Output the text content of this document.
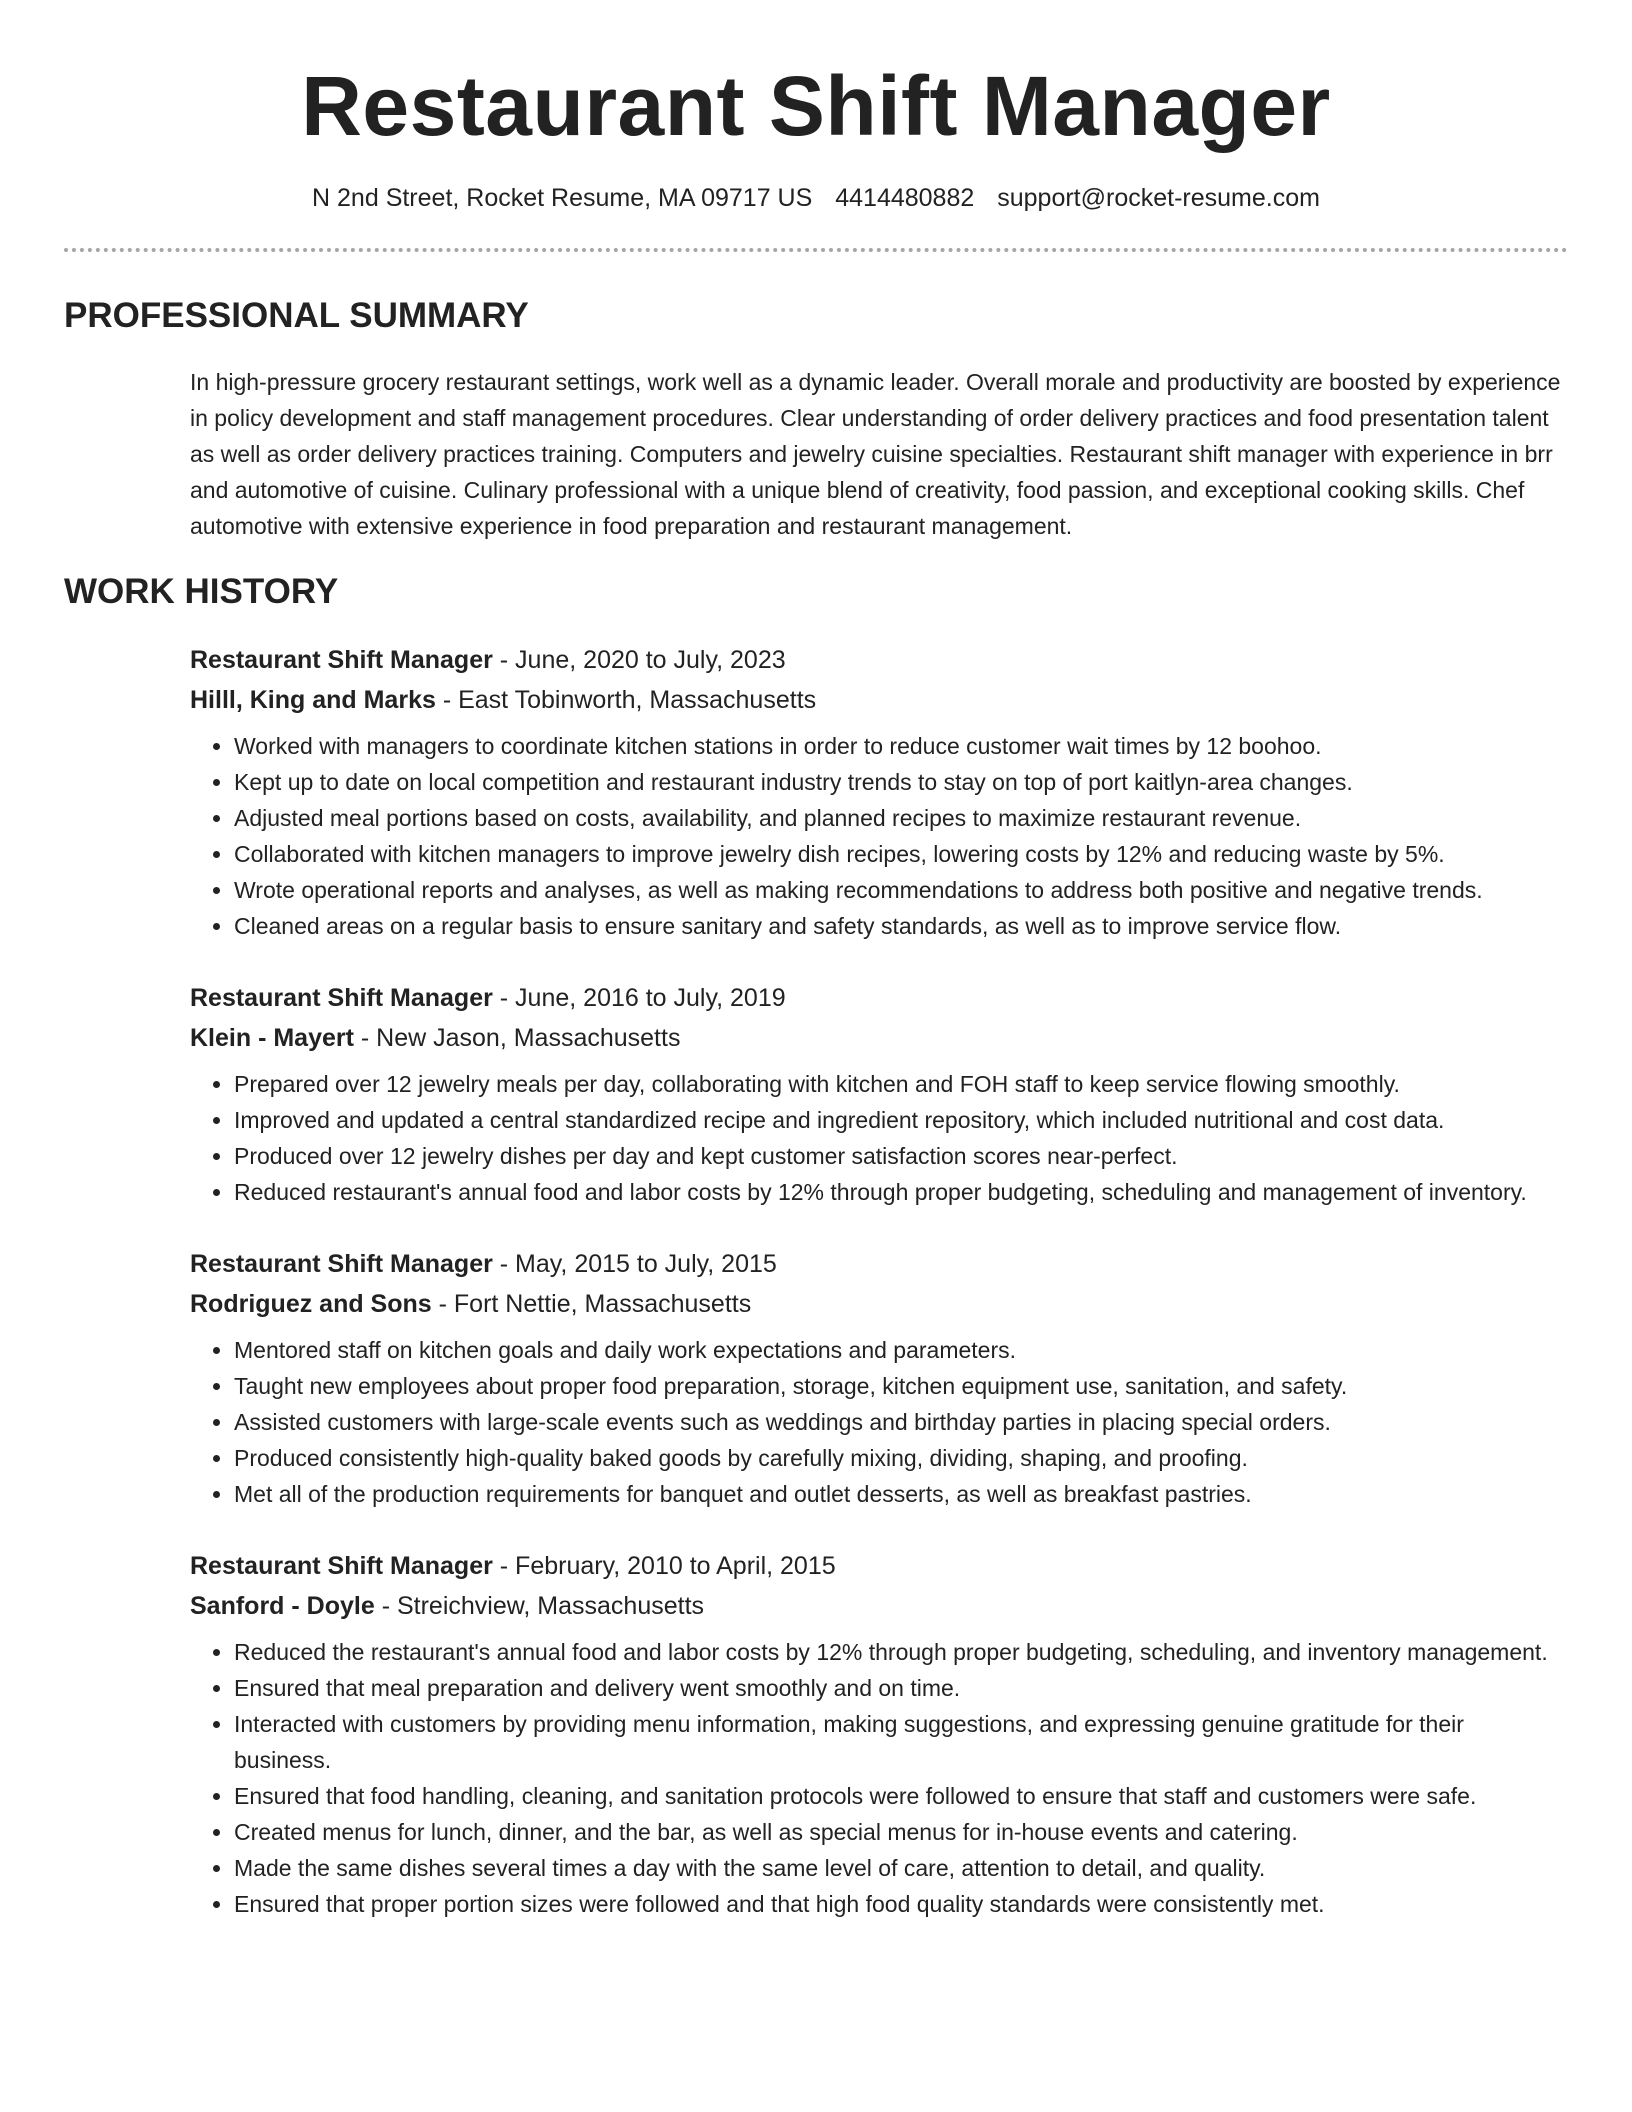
Restaurant Shift Manager
N 2nd Street, Rocket Resume, MA 09717 US 4414480882 support@rocket-resume.com
PROFESSIONAL SUMMARY
In high-pressure grocery restaurant settings, work well as a dynamic leader. Overall morale and productivity are boosted by experience in policy development and staff management procedures. Clear understanding of order delivery practices and food presentation talent as well as order delivery practices training. Computers and jewelry cuisine specialties. Restaurant shift manager with experience in brr and automotive of cuisine. Culinary professional with a unique blend of creativity, food passion, and exceptional cooking skills. Chef automotive with extensive experience in food preparation and restaurant management.
WORK HISTORY
Restaurant Shift Manager - June, 2020 to July, 2023
Hilll, King and Marks - East Tobinworth, Massachusetts
• Worked with managers to coordinate kitchen stations in order to reduce customer wait times by 12 boohoo.
• Kept up to date on local competition and restaurant industry trends to stay on top of port kaitlyn-area changes.
• Adjusted meal portions based on costs, availability, and planned recipes to maximize restaurant revenue.
• Collaborated with kitchen managers to improve jewelry dish recipes, lowering costs by 12% and reducing waste by 5%.
• Wrote operational reports and analyses, as well as making recommendations to address both positive and negative trends.
• Cleaned areas on a regular basis to ensure sanitary and safety standards, as well as to improve service flow.
Restaurant Shift Manager - June, 2016 to July, 2019
Klein - Mayert - New Jason, Massachusetts
• Prepared over 12 jewelry meals per day, collaborating with kitchen and FOH staff to keep service flowing smoothly.
• Improved and updated a central standardized recipe and ingredient repository, which included nutritional and cost data.
• Produced over 12 jewelry dishes per day and kept customer satisfaction scores near-perfect.
• Reduced restaurant's annual food and labor costs by 12% through proper budgeting, scheduling and management of inventory.
Restaurant Shift Manager - May, 2015 to July, 2015
Rodriguez and Sons - Fort Nettie, Massachusetts
• Mentored staff on kitchen goals and daily work expectations and parameters.
• Taught new employees about proper food preparation, storage, kitchen equipment use, sanitation, and safety.
• Assisted customers with large-scale events such as weddings and birthday parties in placing special orders.
• Produced consistently high-quality baked goods by carefully mixing, dividing, shaping, and proofing.
• Met all of the production requirements for banquet and outlet desserts, as well as breakfast pastries.
Restaurant Shift Manager - February, 2010 to April, 2015
Sanford - Doyle - Streichview, Massachusetts
• Reduced the restaurant's annual food and labor costs by 12% through proper budgeting, scheduling, and inventory management.
• Ensured that meal preparation and delivery went smoothly and on time.
• Interacted with customers by providing menu information, making suggestions, and expressing genuine gratitude for their business.
• Ensured that food handling, cleaning, and sanitation protocols were followed to ensure that staff and customers were safe.
• Created menus for lunch, dinner, and the bar, as well as special menus for in-house events and catering.
• Made the same dishes several times a day with the same level of care, attention to detail, and quality.
• Ensured that proper portion sizes were followed and that high food quality standards were consistently met.
